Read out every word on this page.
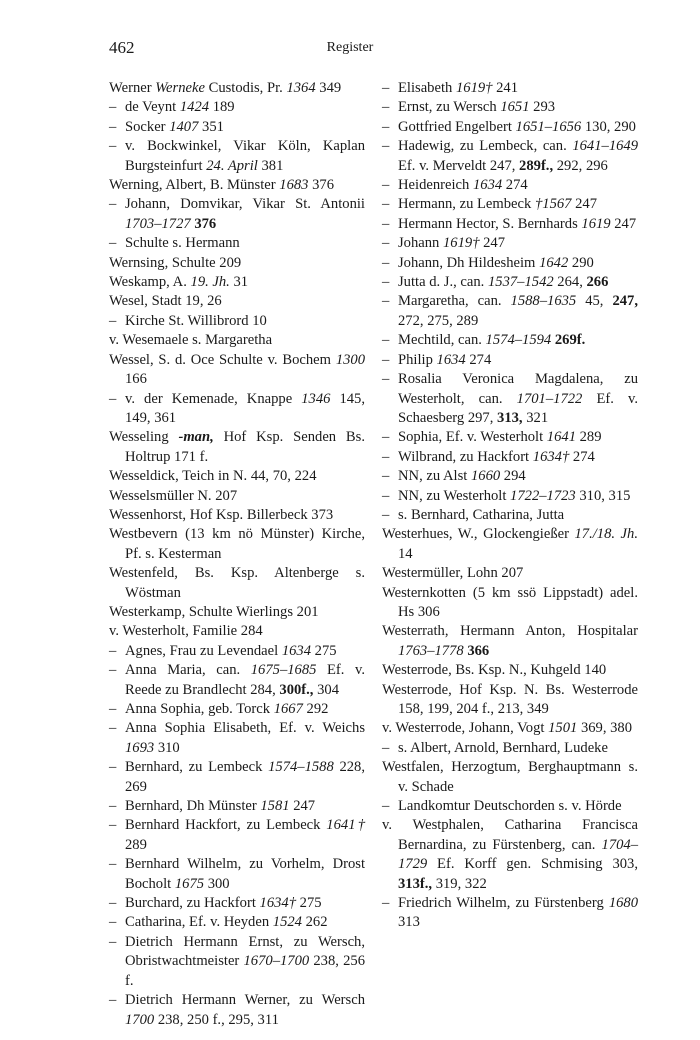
462	Register
Werner Werneke Custodis, Pr. 1364 349
– de Veynt 1424 189
– Socker 1407 351
– v. Bockwinkel, Vikar Köln, Kaplan Burgsteinfurt 24. April 381
Werning, Albert, B. Münster 1683 376
– Johann, Domvikar, Vikar St. Antonii 1703–1727 376
– Schulte s. Hermann
Wernsing, Schulte 209
Weskamp, A. 19. Jh. 31
Wesel, Stadt 19, 26
– Kirche St. Willibrord 10
v. Wesemaele s. Margaretha
Wessel, S. d. Oce Schulte v. Bochem 1300 166
– v. der Kemenade, Knappe 1346 145, 149, 361
Wesseling -man, Hof Ksp. Senden Bs. Holtrup 171 f.
Wesseldick, Teich in N. 44, 70, 224
Wesselsmüller N. 207
Wessenhorst, Hof Ksp. Billerbeck 373
Westbevern (13 km nö Münster) Kirche, Pf. s. Kesterman
Westenfeld, Bs. Ksp. Altenberge s. Wöstman
Westerkamp, Schulte Wierlings 201
v. Westerholt, Familie 284
– Agnes, Frau zu Levendael 1634 275
– Anna Maria, can. 1675–1685 Ef. v. Reede zu Brandlecht 284, 300f., 304
– Anna Sophia, geb. Torck 1667 292
– Anna Sophia Elisabeth, Ef. v. Weichs 1693 310
– Bernhard, zu Lembeck 1574–1588 228, 269
– Bernhard, Dh Münster 1581 247
– Bernhard Hackfort, zu Lembeck 1641† 289
– Bernhard Wilhelm, zu Vorhelm, Drost Bocholt 1675 300
– Burchard, zu Hackfort 1634† 275
– Catharina, Ef. v. Heyden 1524 262
– Dietrich Hermann Ernst, zu Wersch, Obristwachtmeister 1670–1700 238, 256 f.
– Dietrich Hermann Werner, zu Wersch 1700 238, 250 f., 295, 311
– Elisabeth 1619† 241
– Ernst, zu Wersch 1651 293
– Gottfried Engelbert 1651–1656 130, 290
– Hadewig, zu Lembeck, can. 1641–1649 Ef. v. Merveldt 247, 289f., 292, 296
– Heidenreich 1634 274
– Hermann, zu Lembeck †1567 247
– Hermann Hector, S. Bernhards 1619 247
– Johann 1619† 247
– Johann, Dh Hildesheim 1642 290
– Jutta d. J., can. 1537–1542 264, 266
– Margaretha, can. 1588–1635 45, 247, 272, 275, 289
– Mechtild, can. 1574–1594 269f.
– Philip 1634 274
– Rosalia Veronica Magdalena, zu Westerholt, can. 1701–1722 Ef. v. Schaesberg 297, 313, 321
– Sophia, Ef. v. Westerholt 1641 289
– Wilbrand, zu Hackfort 1634† 274
– NN, zu Alst 1660 294
– NN, zu Westerholt 1722–1723 310, 315
– s. Bernhard, Catharina, Jutta
Westerhues, W., Glockengießer 17./18. Jh. 14
Westermüller, Lohn 207
Westernkotten (5 km ssö Lippstadt) adel. Hs 306
Westerrath, Hermann Anton, Hospitalar 1763–1778 366
Westerrode, Bs. Ksp. N., Kuhgeld 140
Westerrode, Hof Ksp. N. Bs. Westerrode 158, 199, 204 f., 213, 349
v. Westerrode, Johann, Vogt 1501 369, 380
– s. Albert, Arnold, Bernhard, Ludeke
Westfalen, Herzogtum, Berghauptmann s. v. Schade
– Landkomtur Deutschorden s. v. Hörde
v. Westphalen, Catharina Francisca Bernardina, zu Fürstenberg, can. 1704–1729 Ef. Korff gen. Schmising 303, 313f., 319, 322
– Friedrich Wilhelm, zu Fürstenberg 1680 313
